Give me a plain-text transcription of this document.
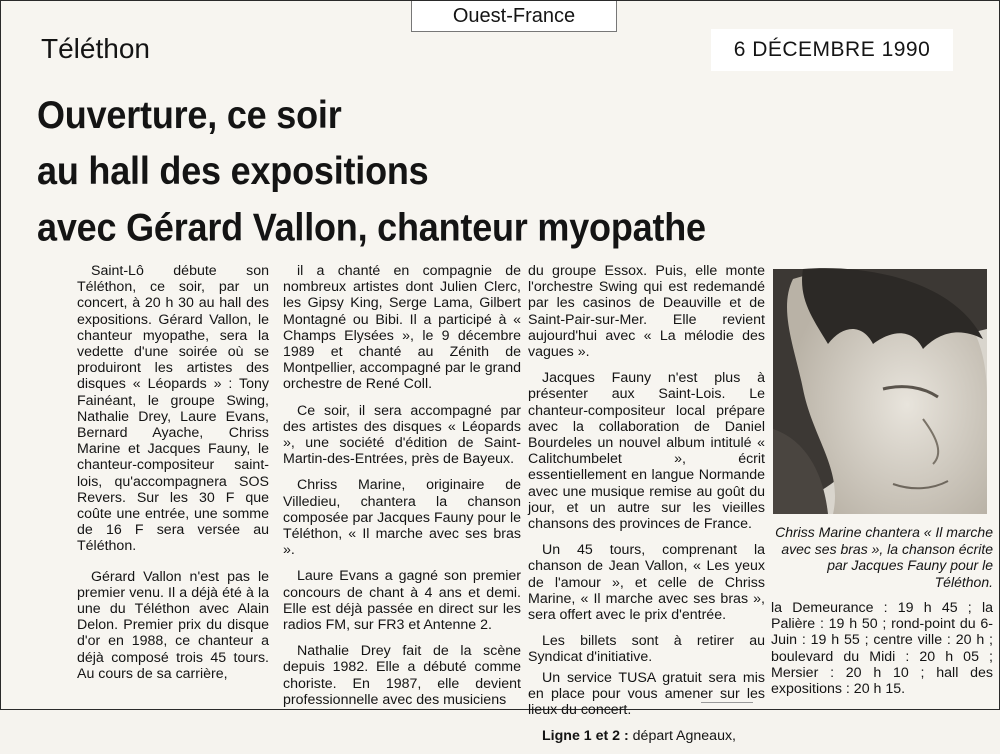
Ouest-France
6 DÉCEMBRE 1990
Téléthon
Ouverture, ce soir
au hall des expositions
avec Gérard Vallon, chanteur myopathe

Saint-Lô débute son Téléthon, ce soir, par un concert, à 20 h 30 au hall des expositions. Gérard Vallon, le chanteur myopathe, sera la vedette d'une soirée où se produiront les artistes des disques « Léopards » : Tony Fainéant, le groupe Swing, Nathalie Drey, Laure Evans, Bernard Ayache, Chriss Marine et Jacques Fauny, le chanteur-compositeur saint-lois, qu'accompagnera SOS Revers. Sur les 30 F que coûte une entrée, une somme de 16 F sera versée au Téléthon.

Gérard Vallon n'est pas le premier venu. Il a déjà été à la une du Téléthon avec Alain Delon. Premier prix du disque d'or en 1988, ce chanteur a déjà composé trois 45 tours. Au cours de sa carrière,

il a chanté en compagnie de nombreux artistes dont Julien Clerc, les Gipsy King, Serge Lama, Gilbert Montagné ou Bibi. Il a participé à « Champs Elysées », le 9 décembre 1989 et chanté au Zénith de Montpellier, accompagné par le grand orchestre de René Coll.

Ce soir, il sera accompagné par des artistes des disques « Léopards », une société d'édition de Saint-Martin-des-Entrées, près de Bayeux.

Chriss Marine, originaire de Villedieu, chantera la chanson composée par Jacques Fauny pour le Téléthon, « Il marche avec ses bras ».

Laure Evans a gagné son premier concours de chant à 4 ans et demi. Elle est déjà passée en direct sur les radios FM, sur FR3 et Antenne 2.

Nathalie Drey fait de la scène depuis 1982. Elle a débuté comme choriste. En 1987, elle devient professionnelle avec des musiciens

du groupe Essox. Puis, elle monte l'orchestre Swing qui est redemandé par les casinos de Deauville et de Saint-Pair-sur-Mer. Elle revient aujourd'hui avec « La mélodie des vagues ».

Jacques Fauny n'est plus à présenter aux Saint-Lois. Le chanteur-compositeur local prépare avec la collaboration de Daniel Bourdeles un nouvel album intitulé « Calitchumbelet », écrit essentiellement en langue Normande avec une musique remise au goût du jour, et un autre sur les vieilles chansons des provinces de France.

Un 45 tours, comprenant la chanson de Jean Vallon, « Les yeux de l'amour », et celle de Chriss Marine, « Il marche avec ses bras », sera offert avec le prix d'entrée.

Les billets sont à retirer au Syndicat d'initiative.

Un service TUSA gratuit sera mis en place pour vous amener sur les lieux du concert.

Ligne 1 et 2 : départ Agneaux,

Chriss Marine chantera « Il marche avec ses bras », la chanson écrite par Jacques Fauny pour le Téléthon.

la Demeurance : 19 h 45 ; la Palière : 19 h 50 ; rond-point du 6-Juin : 19 h 55 ; centre ville : 20 h ; boulevard du Midi : 20 h 05 ; Mersier : 20 h 10 ; hall des expositions : 20 h 15.
